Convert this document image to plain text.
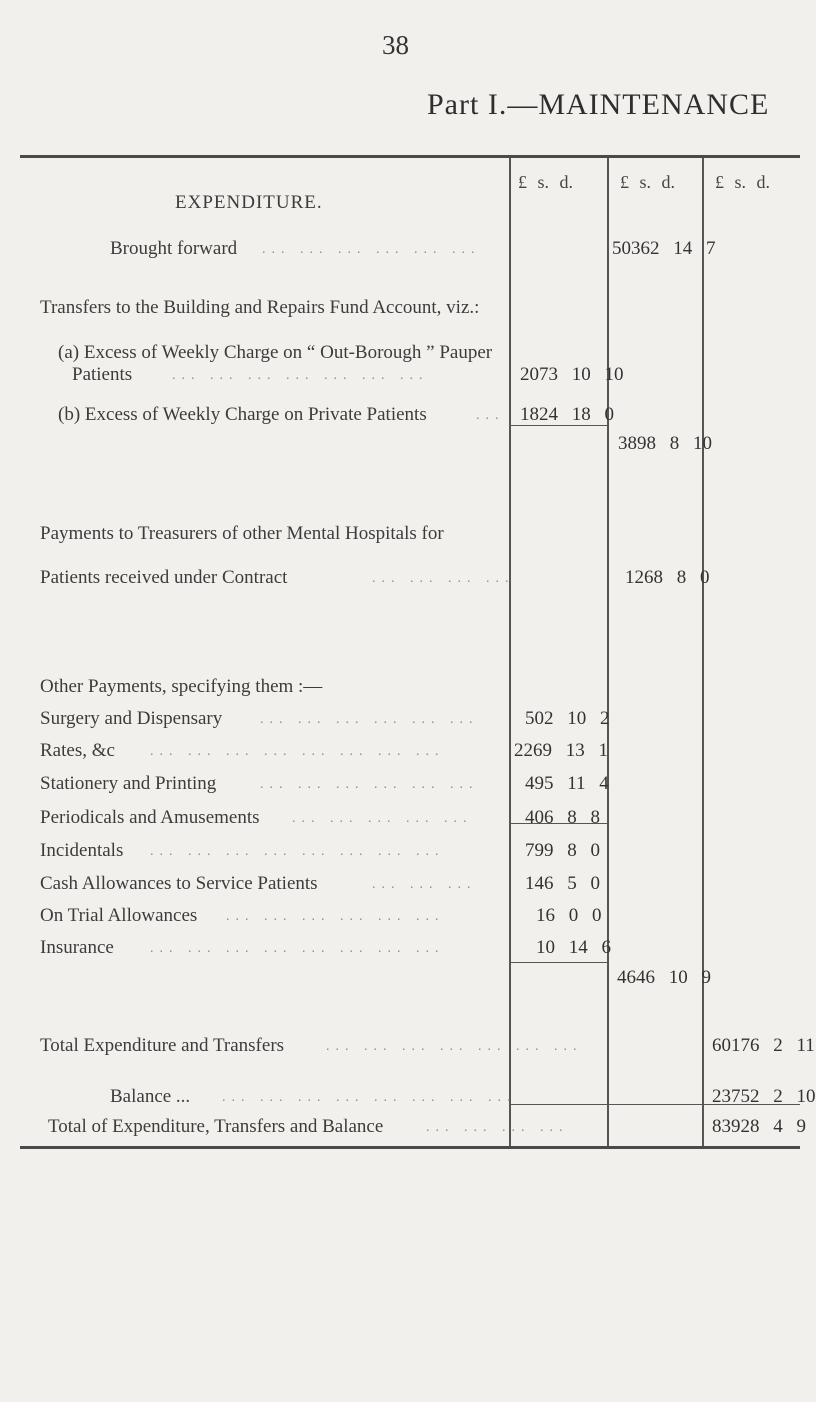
38
Part I.—MAINTENANCE
£ s. d.	£ s. d. £ s. d.
EXPENDITURE.
Brought forward ... ... ... ... ... ...	50362 14 7
Transfers to the Building and Repairs Fund Account, viz.:
(a) Excess of Weekly Charge on “ Out-Borough ” Pauper
Patients	... ... ... ... ... ... ...	2073 10 10
(b) Excess of Weekly Charge on Private Patients	... 1824 18 0
3898 8 10
Payments to Treasurers of other Mental Hospitals for
Patients received under Contract	... ... ... ...	1268 8 0
Other Payments, specifying them :—
Surgery and Dispensary	... ... ... ... ... ... 502 10 2
Rates, &c	... ... ... ... ... ... ... ...	2269 13 1
Stationery and Printing	... ... ... ... ... ... 495 11 4
Periodicals and Amusements ... ... ... ... ...	406 8 8
Incidentals ... ... ... ... ... ... ... ...	799 8 0
Cash Allowances to Service Patients	... ... ...	146 5 0
On Trial Allowances ... ... ... ... ... ...	16 0 0
Insurance	... ... ... ... ... ... ... ...	10 14 6
4646 10 9
Total Expenditure and Transfers	... ... ... ... ... ... ...	60176 2 11
Balance ... ... ... ... ... ... ... ... ...	23752 2 10
Total of Expenditure, Transfers and Balance	... ... ... ...	83928 4 9
